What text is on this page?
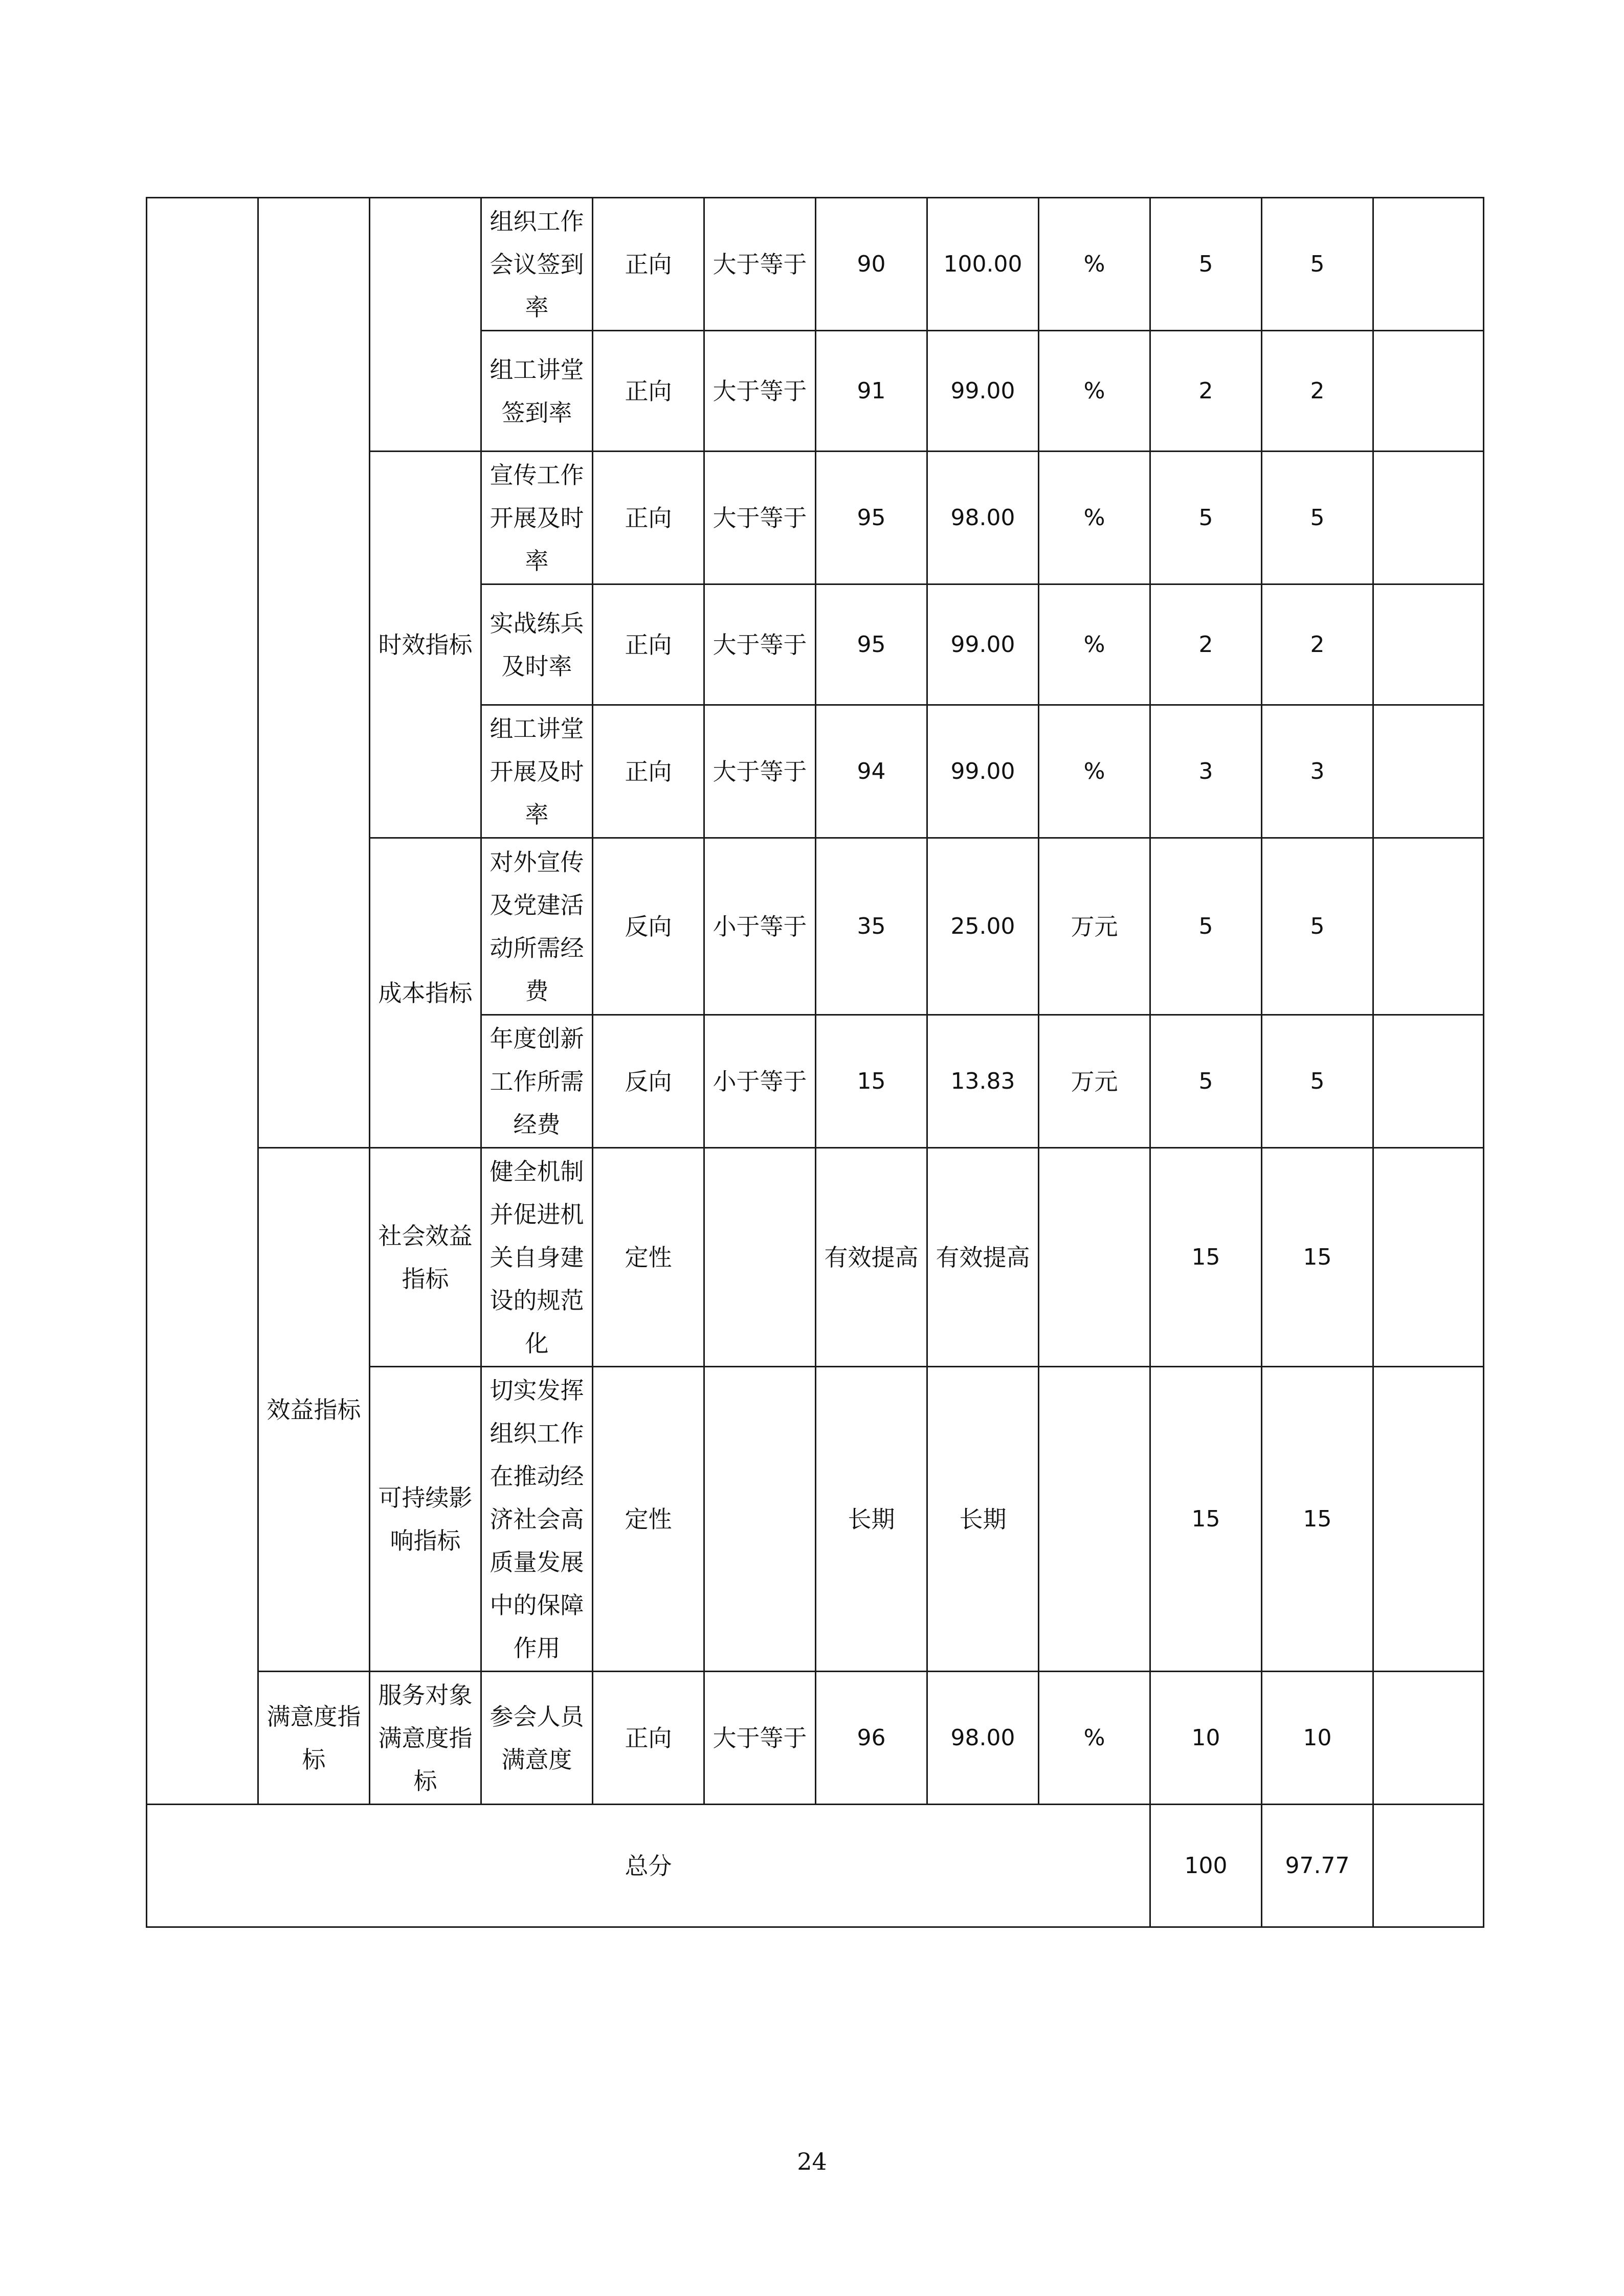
			组织工作会议签到率	正向	大于等于	90	100.00	%	5	5	
			组工讲堂签到率	正向	大于等于	91	99.00	%	2	2	
		时效指标	宣传工作开展及时率	正向	大于等于	95	98.00	%	5	5	
			实战练兵及时率	正向	大于等于	95	99.00	%	2	2	
			组工讲堂开展及时率	正向	大于等于	94	99.00	%	3	3	
		成本指标	对外宣传及党建活动所需经费	反向	小于等于	35	25.00	万元	5	5	
			年度创新工作所需经费	反向	小于等于	15	13.83	万元	5	5	
	效益指标	社会效益指标	健全机制并促进机关自身建设的规范化	定性		有效提高	有效提高		15	15	
		可持续影响指标	切实发挥组织工作在推动经济社会高质量发展中的保障作用	定性		长期	长期		15	15	
	满意度指标	服务对象满意度指标	参会人员满意度	正向	大于等于	96	98.00	%	10	10	
总分									100	97.77	
24
